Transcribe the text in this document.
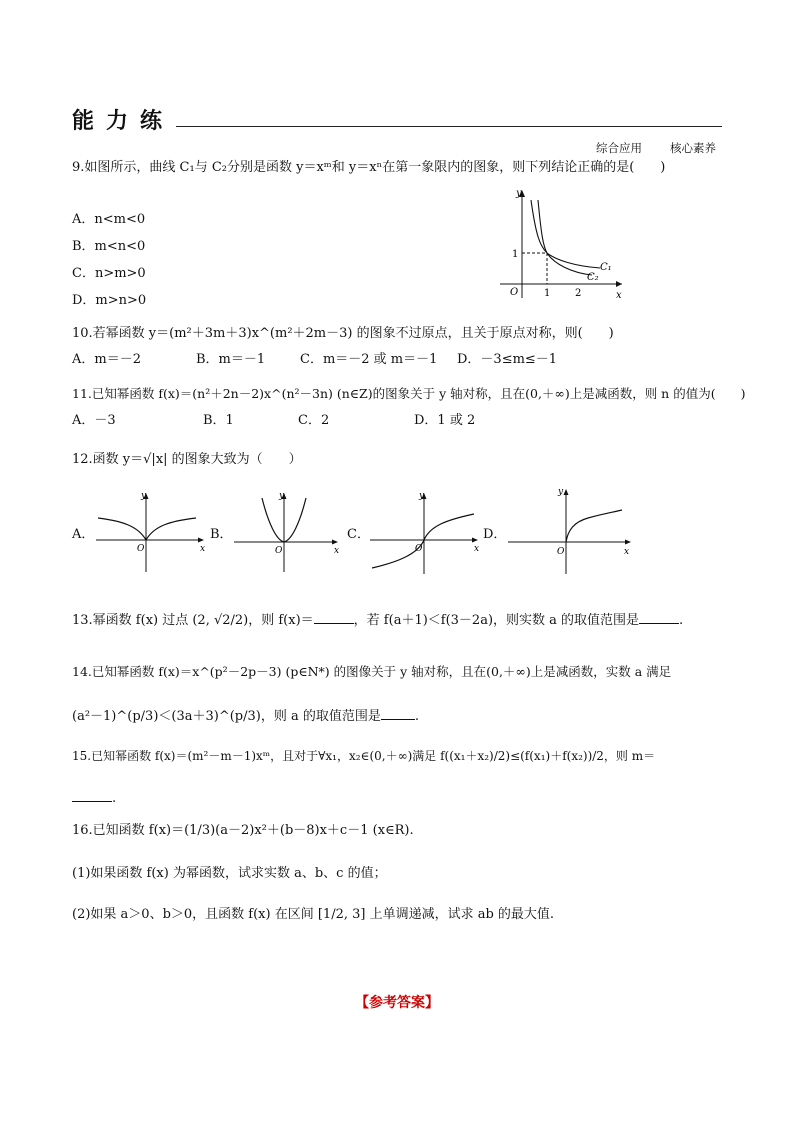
能力练
综合应用 核心素养
9.如图所示，曲线 C₁与 C₂分别是函数 y＝xᵐ和 y＝xⁿ在第一象限内的图象，则下列结论正确的是(　　)
A．n<m<0
B．m<n<0
C．n>m>0
D．m>n>0
y
x
O
1
1 2
C₁
C₂
10.若幂函数 y＝(m²＋3m＋3)x^(m²＋2m－3) 的图象不过原点，且关于原点对称，则(　　)
A．m＝－2	B．m＝－1	C．m＝－2 或 m＝－1 D．－3≤m≤－1
11.已知幂函数 f(x)＝(n²＋2n－2)x^(n²－3n) (n∈Z)的图象关于 y 轴对称，且在(0,＋∞)上是减函数，则 n 的值为(　　)
A．－3	B．1	C．2	D．1 或 2
12.函数 y＝√|x| 的图象大致为（　　）
A．
y
x
O
B．
y
x
O
C．
y
x
O
D．
y
x
O
13.幂函数 f(x) 过点 (2, √2/2)，则 f(x)＝	，若 f(a＋1)＜f(3－2a)，则实数 a 的取值范围是	.
14.已知幂函数 f(x)＝x^(p²－2p－3) (p∈N*) 的图像关于 y 轴对称，且在(0,＋∞)上是减函数，实数 a 满足
(a²－1)^(p/3)＜(3a＋3)^(p/3)，则 a 的取值范围是	.
15.已知幂函数 f(x)＝(m²－m－1)xᵐ，且对于∀x₁，x₂∈(0,＋∞)满足 f((x₁＋x₂)/2)≤(f(x₁)＋f(x₂))/2，则 m＝
.
16.已知函数 f(x)＝(1/3)(a－2)x²＋(b－8)x＋c－1 (x∈R).
(1)如果函数 f(x) 为幂函数，试求实数 a、b、c 的值；
(2)如果 a＞0、b＞0，且函数 f(x) 在区间 [1/2, 3] 上单调递减，试求 ab 的最大值.
【参考答案】
